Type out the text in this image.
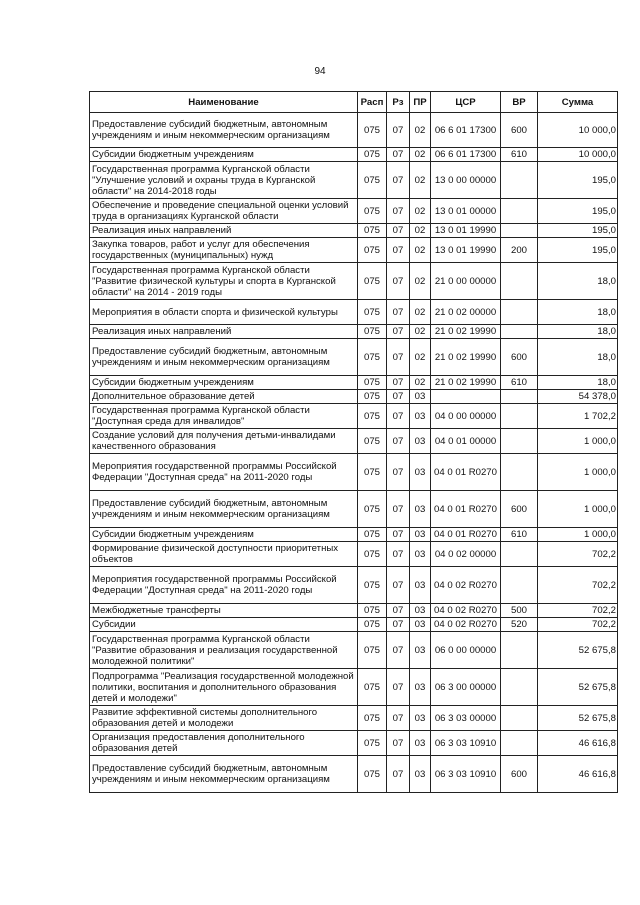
94
Наименование	Расп	Рз	ПР	ЦСР	ВР	Сумма
Предоставление субсидий бюджетным, автономным учреждениям и иным некоммерческим организациям	075	07	02	06 6 01 17300	600	10 000,0
Субсидии бюджетным учреждениям	075	07	02	06 6 01 17300	610	10 000,0
Государственная программа Курганской области "Улучшение условий и охраны труда в Курганской области" на 2014-2018 годы	075	07	02	13 0 00 00000		195,0
Обеспечение и проведение специальной оценки условий труда в организациях Курганской области	075	07	02	13 0 01 00000		195,0
Реализация иных направлений	075	07	02	13 0 01 19990		195,0
Закупка товаров, работ и услуг для обеспечения государственных (муниципальных) нужд	075	07	02	13 0 01 19990	200	195,0
Государственная программа Курганской области "Развитие физической культуры и спорта в Курганской области" на 2014 - 2019 годы	075	07	02	21 0 00 00000		18,0
Мероприятия в области спорта и физической культуры	075	07	02	21 0 02 00000		18,0
Реализация иных направлений	075	07	02	21 0 02 19990		18,0
Предоставление субсидий бюджетным, автономным учреждениям и иным некоммерческим организациям	075	07	02	21 0 02 19990	600	18,0
Субсидии бюджетным учреждениям	075	07	02	21 0 02 19990	610	18,0
Дополнительное образование детей	075	07	03			54 378,0
Государственная программа Курганской области "Доступная среда для инвалидов"	075	07	03	04 0 00 00000		1 702,2
Создание условий для получения детьми-инвалидами качественного образования	075	07	03	04 0 01 00000		1 000,0
Мероприятия государственной программы Российской Федерации "Доступная среда" на 2011-2020 годы	075	07	03	04 0 01 R0270		1 000,0
Предоставление субсидий бюджетным, автономным учреждениям и иным некоммерческим организациям	075	07	03	04 0 01 R0270	600	1 000,0
Субсидии бюджетным учреждениям	075	07	03	04 0 01 R0270	610	1 000,0
Формирование физической доступности приоритетных объектов	075	07	03	04 0 02 00000		702,2
Мероприятия государственной программы Российской Федерации "Доступная среда" на 2011-2020 годы	075	07	03	04 0 02 R0270		702,2
Межбюджетные трансферты	075	07	03	04 0 02 R0270	500	702,2
Субсидии	075	07	03	04 0 02 R0270	520	702,2
Государственная программа Курганской области "Развитие образования и реализация государственной молодежной политики"	075	07	03	06 0 00 00000		52 675,8
Подпрограмма "Реализация государственной молодежной политики, воспитания и дополнительного образования детей и молодежи"	075	07	03	06 3 00 00000		52 675,8
Развитие эффективной системы дополнительного образования детей и молодежи	075	07	03	06 3 03 00000		52 675,8
Организация предоставления дополнительного образования детей	075	07	03	06 3 03 10910		46 616,8
Предоставление субсидий бюджетным, автономным учреждениям и иным некоммерческим организациям	075	07	03	06 3 03 10910	600	46 616,8
